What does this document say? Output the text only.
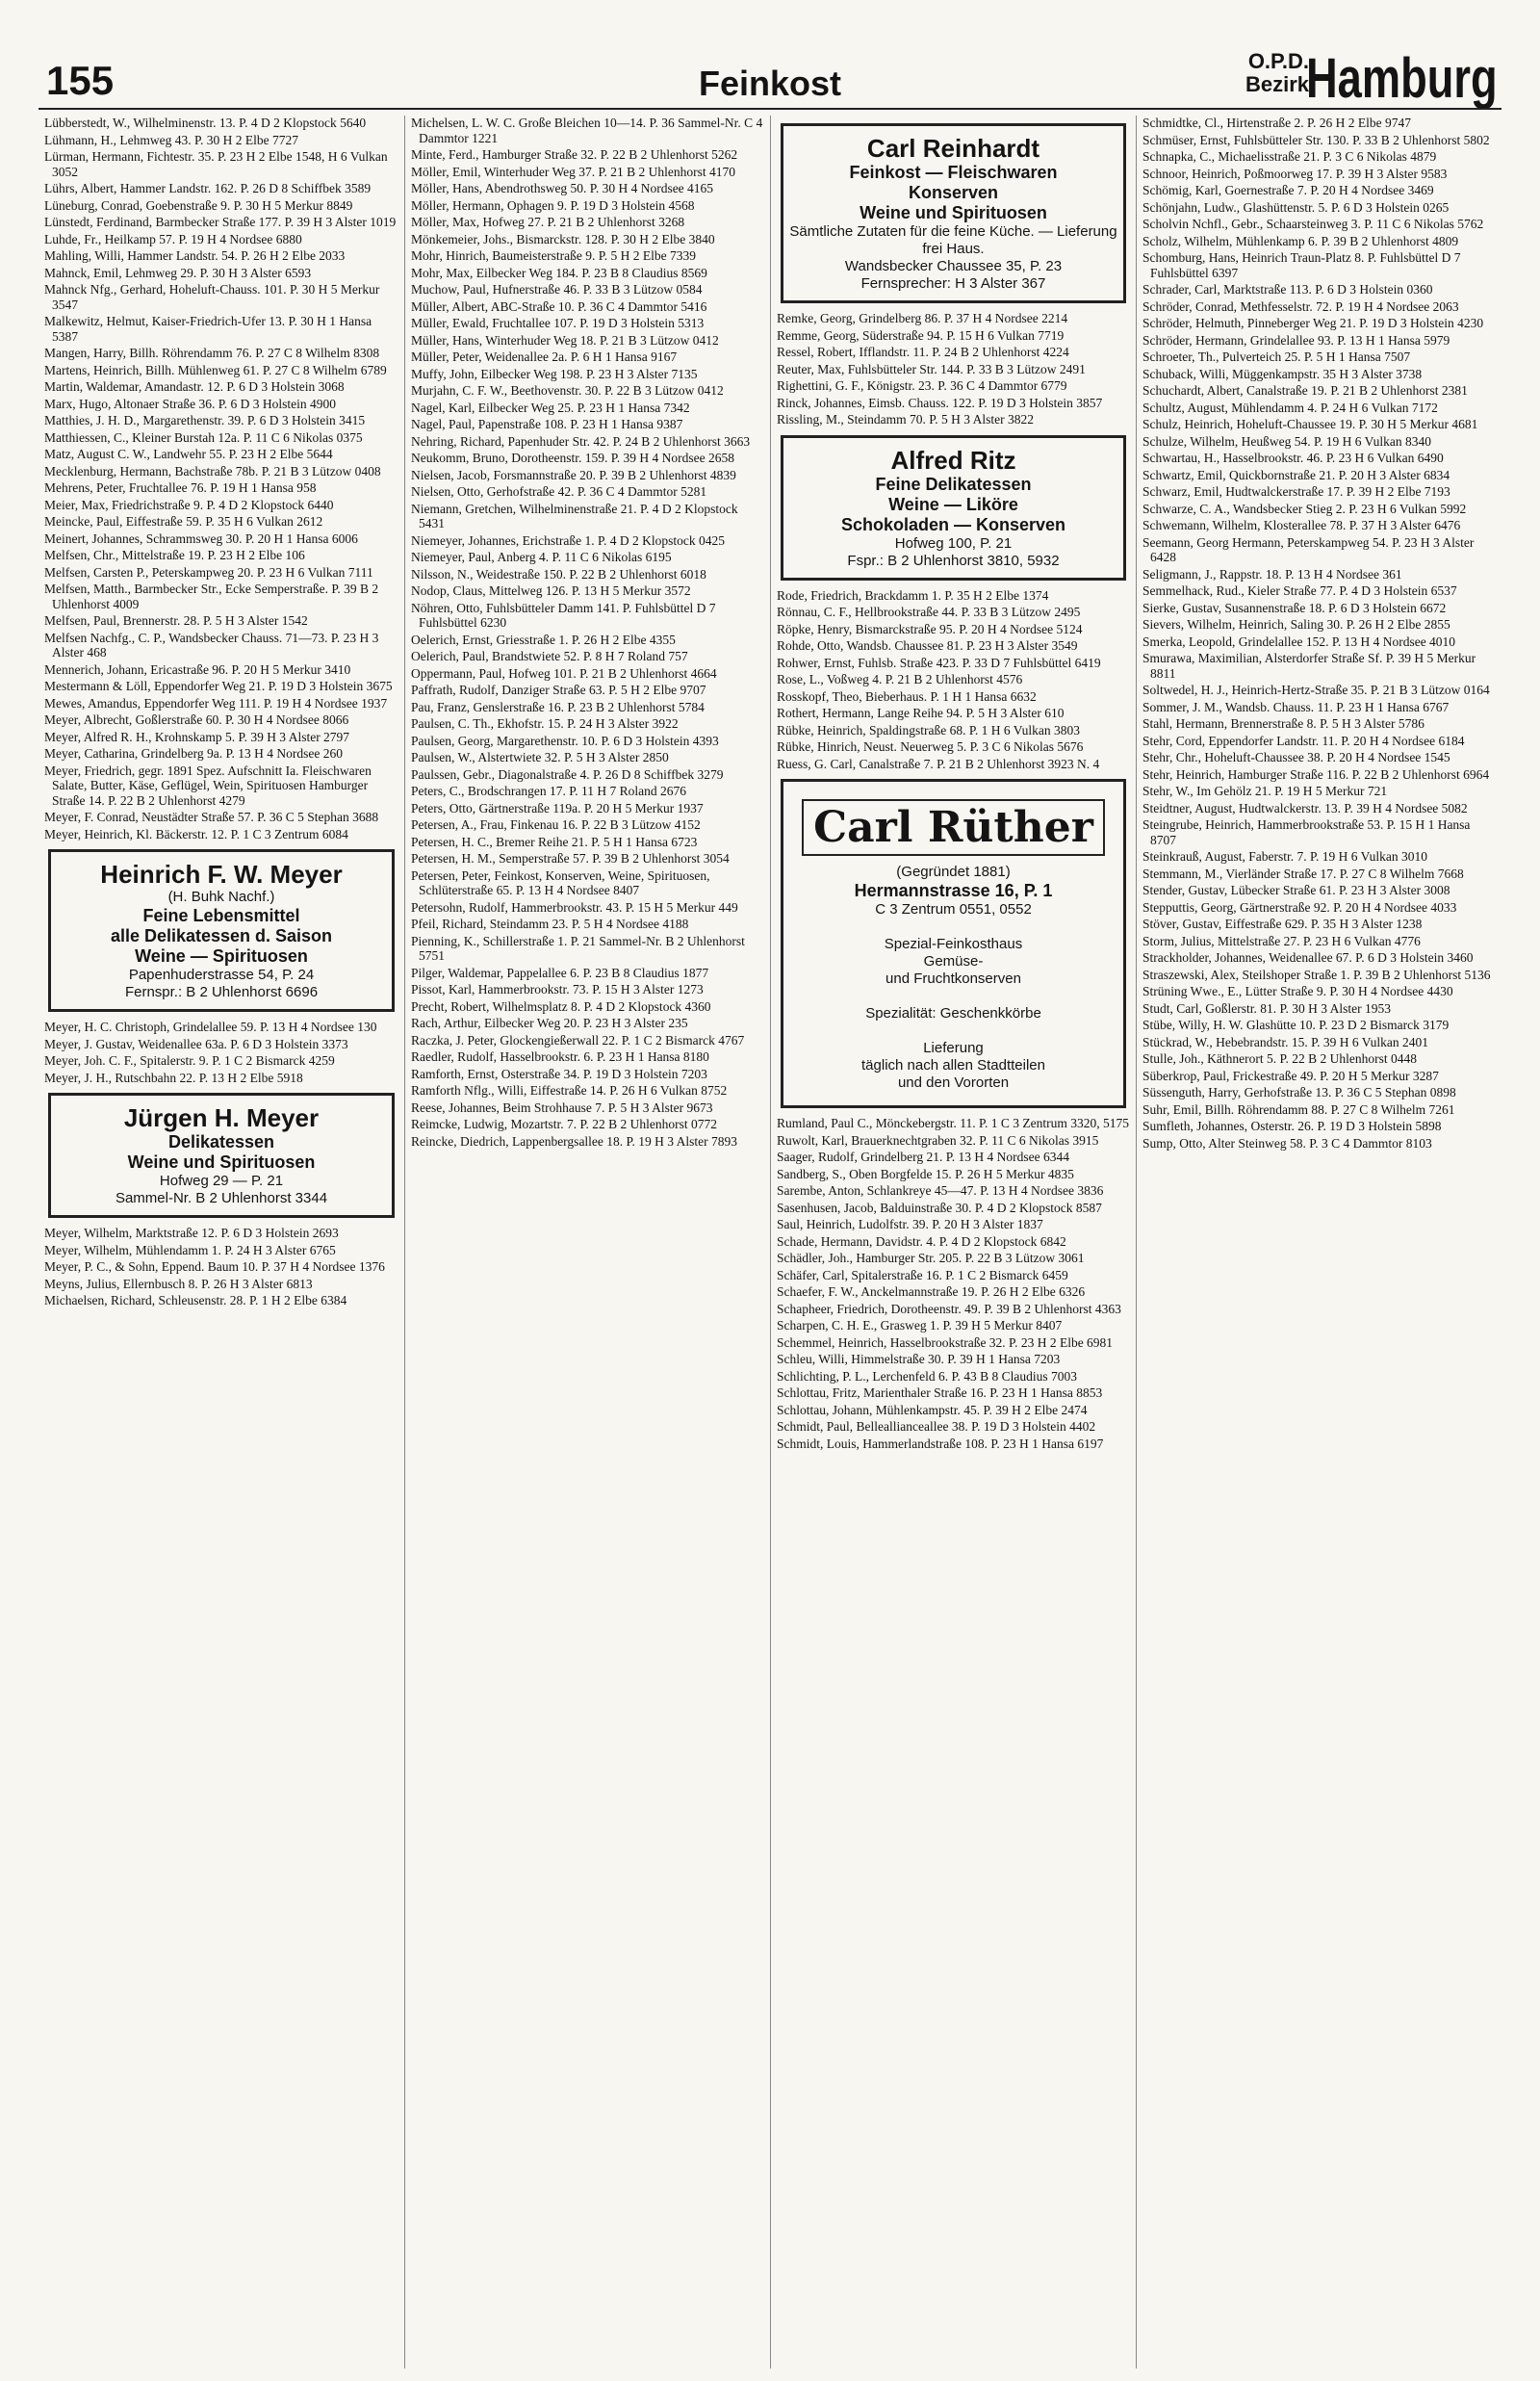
155	Feinkost
O.P.D.
Bezirk
Hamburg
Lübberstedt, W., Wilhelminenstr. 13. P. 4 D 2 Klopstock 5640
Lühmann, H., Lehmweg 43. P. 30 H 2 Elbe 7727
Lürman, Hermann, Fichtestr. 35. P. 23 H 2 Elbe 1548, H 6 Vulkan 3052
Lührs, Albert, Hammer Landstr. 162. P. 26 D 8 Schiffbek 3589
Lüneburg, Conrad, Goebenstraße 9. P. 30 H 5 Merkur 8849
Lünstedt, Ferdinand, Barmbecker Straße 177. P. 39 H 3 Alster 1019
Luhde, Fr., Heilkamp 57. P. 19 H 4 Nordsee 6880
Mahling, Willi, Hammer Landstr. 54. P. 26 H 2 Elbe 2033
Mahnck, Emil, Lehmweg 29. P. 30 H 3 Alster 6593
Mahnck Nfg., Gerhard, Hoheluft-Chauss. 101. P. 30 H 5 Merkur 3547
Malkewitz, Helmut, Kaiser-Friedrich-Ufer 13. P. 30 H 1 Hansa 5387
Mangen, Harry, Billh. Röhrendamm 76. P. 27 C 8 Wilhelm 8308
Martens, Heinrich, Billh. Mühlenweg 61. P. 27 C 8 Wilhelm 6789
Martin, Waldemar, Amandastr. 12. P. 6 D 3 Holstein 3068
Marx, Hugo, Altonaer Straße 36. P. 6 D 3 Holstein 4900
Matthies, J. H. D., Margarethenstr. 39. P. 6 D 3 Holstein 3415
Matthiessen, C., Kleiner Burstah 12a. P. 11 C 6 Nikolas 0375
Matz, August C. W., Landwehr 55. P. 23 H 2 Elbe 5644
Mecklenburg, Hermann, Bachstraße 78b. P. 21 B 3 Lützow 0408
Mehrens, Peter, Fruchtallee 76. P. 19 H 1 Hansa 958
Meier, Max, Friedrichstraße 9. P. 4 D 2 Klopstock 6440
Meincke, Paul, Eiffestraße 59. P. 35 H 6 Vulkan 2612
Meinert, Johannes, Schrammsweg 30. P. 20 H 1 Hansa 6006
Melfsen, Chr., Mittelstraße 19. P. 23 H 2 Elbe 106
Melfsen, Carsten P., Peterskampweg 20. P. 23 H 6 Vulkan 7111
Melfsen, Matth., Barmbecker Str., Ecke Semperstraße. P. 39 B 2 Uhlenhorst 4009
Melfsen, Paul, Brennerstr. 28. P. 5 H 3 Alster 1542
Melfsen Nachfg., C. P., Wandsbecker Chauss. 71—73. P. 23 H 3 Alster 468
Mennerich, Johann, Ericastraße 96. P. 20 H 5 Merkur 3410
Mestermann & Löll, Eppendorfer Weg 21. P. 19 D 3 Holstein 3675
Mewes, Amandus, Eppendorfer Weg 111. P. 19 H 4 Nordsee 1937
Meyer, Albrecht, Goßlerstraße 60. P. 30 H 4 Nordsee 8066
Meyer, Alfred R. H., Krohnskamp 5. P. 39 H 3 Alster 2797
Meyer, Catharina, Grindelberg 9a. P. 13 H 4 Nordsee 260
Meyer, Friedrich, gegr. 1891 Spez. Aufschnitt Ia. Fleischwaren Salate, Butter, Käse, Geflügel, Wein, Spirituosen Hamburger Straße 14. P. 22 B 2 Uhlenhorst 4279
Meyer, F. Conrad, Neustädter Straße 57. P. 36 C 5 Stephan 3688
Meyer, Heinrich, Kl. Bäckerstr. 12. P. 1 C 3 Zentrum 6084
Heinrich F. W. Meyer
(H. Buhk Nachf.)
Feine Lebensmittel
alle Delikatessen d. Saison
Weine — Spirituosen
Papenhuderstrasse 54, P. 24
Fernspr.: B 2 Uhlenhorst 6696
Meyer, H. C. Christoph, Grindelallee 59. P. 13 H 4 Nordsee 130
Meyer, J. Gustav, Weidenallee 63a. P. 6 D 3 Holstein 3373
Meyer, Joh. C. F., Spitalerstr. 9. P. 1 C 2 Bismarck 4259
Meyer, J. H., Rutschbahn 22. P. 13 H 2 Elbe 5918
Jürgen H. Meyer
Delikatessen
Weine und Spirituosen
Hofweg 29 — P. 21
Sammel-Nr. B 2 Uhlenhorst 3344
Meyer, Wilhelm, Marktstraße 12. P. 6 D 3 Holstein 2693
Meyer, Wilhelm, Mühlendamm 1. P. 24 H 3 Alster 6765
Meyer, P. C., & Sohn, Eppend. Baum 10. P. 37 H 4 Nordsee 1376
Meyns, Julius, Ellernbusch 8. P. 26 H 3 Alster 6813
Michaelsen, Richard, Schleusenstr. 28. P. 1 H 2 Elbe 6384
Michelsen, L. W. C. Große Bleichen 10—14. P. 36 Sammel-Nr. C 4 Dammtor 1221
Minte, Ferd., Hamburger Straße 32. P. 22 B 2 Uhlenhorst 5262
Möller, Emil, Winterhuder Weg 37. P. 21 B 2 Uhlenhorst 4170
Möller, Hans, Abendrothsweg 50. P. 30 H 4 Nordsee 4165
Möller, Hermann, Ophagen 9. P. 19 D 3 Holstein 4568
Möller, Max, Hofweg 27. P. 21 B 2 Uhlenhorst 3268
Mönkemeier, Johs., Bismarckstr. 128. P. 30 H 2 Elbe 3840
Mohr, Hinrich, Baumeisterstraße 9. P. 5 H 2 Elbe 7339
Mohr, Max, Eilbecker Weg 184. P. 23 B 8 Claudius 8569
Muchow, Paul, Hufnerstraße 46. P. 33 B 3 Lützow 0584
Müller, Albert, ABC-Straße 10. P. 36 C 4 Dammtor 5416
Müller, Ewald, Fruchtallee 107. P. 19 D 3 Holstein 5313
Müller, Hans, Winterhuder Weg 18. P. 21 B 3 Lützow 0412
Müller, Peter, Weidenallee 2a. P. 6 H 1 Hansa 9167
Muffy, John, Eilbecker Weg 198. P. 23 H 3 Alster 7135
Murjahn, C. F. W., Beethovenstr. 30. P. 22 B 3 Lützow 0412
Nagel, Karl, Eilbecker Weg 25. P. 23 H 1 Hansa 7342
Nagel, Paul, Papenstraße 108. P. 23 H 1 Hansa 9387
Nehring, Richard, Papenhuder Str. 42. P. 24 B 2 Uhlenhorst 3663
Neukomm, Bruno, Dorotheenstr. 159. P. 39 H 4 Nordsee 2658
Nielsen, Jacob, Forsmannstraße 20. P. 39 B 2 Uhlenhorst 4839
Nielsen, Otto, Gerhofstraße 42. P. 36 C 4 Dammtor 5281
Niemann, Gretchen, Wilhelminenstraße 21. P. 4 D 2 Klopstock 5431
Niemeyer, Johannes, Erichstraße 1. P. 4 D 2 Klopstock 0425
Niemeyer, Paul, Anberg 4. P. 11 C 6 Nikolas 6195
Nilsson, N., Weidestraße 150. P. 22 B 2 Uhlenhorst 6018
Nodop, Claus, Mittelweg 126. P. 13 H 5 Merkur 3572
Nöhren, Otto, Fuhlsbütteler Damm 141. P. Fuhlsbüttel D 7 Fuhlsbüttel 6230
Oelerich, Ernst, Griesstraße 1. P. 26 H 2 Elbe 4355
Oelerich, Paul, Brandstwiete 52. P. 8 H 7 Roland 757
Oppermann, Paul, Hofweg 101. P. 21 B 2 Uhlenhorst 4664
Paffrath, Rudolf, Danziger Straße 63. P. 5 H 2 Elbe 9707
Pau, Franz, Genslerstraße 16. P. 23 B 2 Uhlenhorst 5784
Paulsen, C. Th., Ekhofstr. 15. P. 24 H 3 Alster 3922
Paulsen, Georg, Margarethenstr. 10. P. 6 D 3 Holstein 4393
Paulsen, W., Alstertwiete 32. P. 5 H 3 Alster 2850
Paulssen, Gebr., Diagonalstraße 4. P. 26 D 8 Schiffbek 3279
Peters, C., Brodschrangen 17. P. 11 H 7 Roland 2676
Peters, Otto, Gärtnerstraße 119a. P. 20 H 5 Merkur 1937
Petersen, A., Frau, Finkenau 16. P. 22 B 3 Lützow 4152
Petersen, H. C., Bremer Reihe 21. P. 5 H 1 Hansa 6723
Petersen, H. M., Semperstraße 57. P. 39 B 2 Uhlenhorst 3054
Petersen, Peter, Feinkost, Konserven, Weine, Spirituosen, Schlüterstraße 65. P. 13 H 4 Nordsee 8407
Petersohn, Rudolf, Hammerbrookstr. 43. P. 15 H 5 Merkur 449
Pfeil, Richard, Steindamm 23. P. 5 H 4 Nordsee 4188
Pienning, K., Schillerstraße 1. P. 21 Sammel-Nr. B 2 Uhlenhorst 5751
Pilger, Waldemar, Pappelallee 6. P. 23 B 8 Claudius 1877
Pissot, Karl, Hammerbrookstr. 73. P. 15 H 3 Alster 1273
Precht, Robert, Wilhelmsplatz 8. P. 4 D 2 Klopstock 4360
Rach, Arthur, Eilbecker Weg 20. P. 23 H 3 Alster 235
Raczka, J. Peter, Glockengießerwall 22. P. 1 C 2 Bismarck 4767
Raedler, Rudolf, Hasselbrookstr. 6. P. 23 H 1 Hansa 8180
Ramforth, Ernst, Osterstraße 34. P. 19 D 3 Holstein 7203
Ramforth Nflg., Willi, Eiffestraße 14. P. 26 H 6 Vulkan 8752
Reese, Johannes, Beim Strohhause 7. P. 5 H 3 Alster 9673
Reimcke, Ludwig, Mozartstr. 7. P. 22 B 2 Uhlenhorst 0772
Reincke, Diedrich, Lappenbergsallee 18. P. 19 H 3 Alster 7893
Carl Reinhardt
Feinkost — Fleischwaren
Konserven
Weine und Spirituosen
Sämtliche Zutaten für die feine Küche. — Lieferung frei Haus.
Wandsbecker Chaussee 35, P. 23
Fernsprecher: H 3 Alster 367
Remke, Georg, Grindelberg 86. P. 37 H 4 Nordsee 2214
Remme, Georg, Süderstraße 94. P. 15 H 6 Vulkan 7719
Ressel, Robert, Ifflandstr. 11. P. 24 B 2 Uhlenhorst 4224
Reuter, Max, Fuhlsbütteler Str. 144. P. 33 B 3 Lützow 2491
Righettini, G. F., Königstr. 23. P. 36 C 4 Dammtor 6779
Rinck, Johannes, Eimsb. Chauss. 122. P. 19 D 3 Holstein 3857
Rissling, M., Steindamm 70. P. 5 H 3 Alster 3822
Alfred Ritz
Feine Delikatessen
Weine — Liköre
Schokoladen — Konserven
Hofweg 100, P. 21
Fspr.: B 2 Uhlenhorst 3810, 5932
Rode, Friedrich, Brackdamm 1. P. 35 H 2 Elbe 1374
Rönnau, C. F., Hellbrookstraße 44. P. 33 B 3 Lützow 2495
Röpke, Henry, Bismarckstraße 95. P. 20 H 4 Nordsee 5124
Rohde, Otto, Wandsb. Chaussee 81. P. 23 H 3 Alster 3549
Rohwer, Ernst, Fuhlsb. Straße 423. P. 33 D 7 Fuhlsbüttel 6419
Rose, L., Voßweg 4. P. 21 B 2 Uhlenhorst 4576
Rosskopf, Theo, Bieberhaus. P. 1 H 1 Hansa 6632
Rothert, Hermann, Lange Reihe 94. P. 5 H 3 Alster 610
Rübke, Heinrich, Spaldingstraße 68. P. 1 H 6 Vulkan 3803
Rübke, Hinrich, Neust. Neuerweg 5. P. 3 C 6 Nikolas 5676
Ruess, G. Carl, Canalstraße 7. P. 21 B 2 Uhlenhorst 3923 N. 4
Carl Rüther
(Gegründet 1881)
Hermannstrasse 16, P. 1
C 3 Zentrum 0551, 0552

Spezial-Feinkosthaus
Gemüse-
und Fruchtkonserven

Spezialität: Geschenkkörbe

Lieferung
täglich nach allen Stadtteilen
und den Vororten
Rumland, Paul C., Mönckebergstr. 11. P. 1 C 3 Zentrum 3320, 5175
Ruwolt, Karl, Brauerknechtgraben 32. P. 11 C 6 Nikolas 3915
Saager, Rudolf, Grindelberg 21. P. 13 H 4 Nordsee 6344
Sandberg, S., Oben Borgfelde 15. P. 26 H 5 Merkur 4835
Sarembe, Anton, Schlankreye 45—47. P. 13 H 4 Nordsee 3836
Sasenhusen, Jacob, Balduinstraße 30. P. 4 D 2 Klopstock 8587
Saul, Heinrich, Ludolfstr. 39. P. 20 H 3 Alster 1837
Schade, Hermann, Davidstr. 4. P. 4 D 2 Klopstock 6842
Schädler, Joh., Hamburger Str. 205. P. 22 B 3 Lützow 3061
Schäfer, Carl, Spitalerstraße 16. P. 1 C 2 Bismarck 6459
Schaefer, F. W., Anckelmannstraße 19. P. 26 H 2 Elbe 6326
Schapheer, Friedrich, Dorotheenstr. 49. P. 39 B 2 Uhlenhorst 4363
Scharpen, C. H. E., Grasweg 1. P. 39 H 5 Merkur 8407
Schemmel, Heinrich, Hasselbrookstraße 32. P. 23 H 2 Elbe 6981
Schleu, Willi, Himmelstraße 30. P. 39 H 1 Hansa 7203
Schlichting, P. L., Lerchenfeld 6. P. 43 B 8 Claudius 7003
Schlottau, Fritz, Marienthaler Straße 16. P. 23 H 1 Hansa 8853
Schlottau, Johann, Mühlenkampstr. 45. P. 39 H 2 Elbe 2474
Schmidt, Paul, Belleallianceallee 38. P. 19 D 3 Holstein 4402
Schmidt, Louis, Hammerlandstraße 108. P. 23 H 1 Hansa 6197
Schmidtke, Cl., Hirtenstraße 2. P. 26 H 2 Elbe 9747
Schmüser, Ernst, Fuhlsbütteler Str. 130. P. 33 B 2 Uhlenhorst 5802
Schnapka, C., Michaelisstraße 21. P. 3 C 6 Nikolas 4879
Schnoor, Heinrich, Poßmoorweg 17. P. 39 H 3 Alster 9583
Schömig, Karl, Goernestraße 7. P. 20 H 4 Nordsee 3469
Schönjahn, Ludw., Glashüttenstr. 5. P. 6 D 3 Holstein 0265
Scholvin Nchfl., Gebr., Schaarsteinweg 3. P. 11 C 6 Nikolas 5762
Scholz, Wilhelm, Mühlenkamp 6. P. 39 B 2 Uhlenhorst 4809
Schomburg, Hans, Heinrich Traun-Platz 8. P. Fuhlsbüttel D 7 Fuhlsbüttel 6397
Schrader, Carl, Marktstraße 113. P. 6 D 3 Holstein 0360
Schröder, Conrad, Methfesselstr. 72. P. 19 H 4 Nordsee 2063
Schröder, Helmuth, Pinneberger Weg 21. P. 19 D 3 Holstein 4230
Schröder, Hermann, Grindelallee 93. P. 13 H 1 Hansa 5979
Schroeter, Th., Pulverteich 25. P. 5 H 1 Hansa 7507
Schuback, Willi, Müggenkampstr. 35 H 3 Alster 3738
Schuchardt, Albert, Canalstraße 19. P. 21 B 2 Uhlenhorst 2381
Schultz, August, Mühlendamm 4. P. 24 H 6 Vulkan 7172
Schulz, Heinrich, Hoheluft-Chaussee 19. P. 30 H 5 Merkur 4681
Schulze, Wilhelm, Heußweg 54. P. 19 H 6 Vulkan 8340
Schwartau, H., Hasselbrookstr. 46. P. 23 H 6 Vulkan 6490
Schwartz, Emil, Quickbornstraße 21. P. 20 H 3 Alster 6834
Schwarz, Emil, Hudtwalckerstraße 17. P. 39 H 2 Elbe 7193
Schwarze, C. A., Wandsbecker Stieg 2. P. 23 H 6 Vulkan 5992
Schwemann, Wilhelm, Klosterallee 78. P. 37 H 3 Alster 6476
Seemann, Georg Hermann, Peterskampweg 54. P. 23 H 3 Alster 6428
Seligmann, J., Rappstr. 18. P. 13 H 4 Nordsee 361
Semmelhack, Rud., Kieler Straße 77. P. 4 D 3 Holstein 6537
Sierke, Gustav, Susannenstraße 18. P. 6 D 3 Holstein 6672
Sievers, Wilhelm, Heinrich, Saling 30. P. 26 H 2 Elbe 2855
Smerka, Leopold, Grindelallee 152. P. 13 H 4 Nordsee 4010
Smurawa, Maximilian, Alsterdorfer Straße Sf. P. 39 H 5 Merkur 8811
Soltwedel, H. J., Heinrich-Hertz-Straße 35. P. 21 B 3 Lützow 0164
Sommer, J. M., Wandsb. Chauss. 11. P. 23 H 1 Hansa 6767
Stahl, Hermann, Brennerstraße 8. P. 5 H 3 Alster 5786
Stehr, Cord, Eppendorfer Landstr. 11. P. 20 H 4 Nordsee 6184
Stehr, Chr., Hoheluft-Chaussee 38. P. 20 H 4 Nordsee 1545
Stehr, Heinrich, Hamburger Straße 116. P. 22 B 2 Uhlenhorst 6964
Stehr, W., Im Gehölz 21. P. 19 H 5 Merkur 721
Steidtner, August, Hudtwalckerstr. 13. P. 39 H 4 Nordsee 5082
Steingrube, Heinrich, Hammerbrookstraße 53. P. 15 H 1 Hansa 8707
Steinkrauß, August, Faberstr. 7. P. 19 H 6 Vulkan 3010
Stemmann, M., Vierländer Straße 17. P. 27 C 8 Wilhelm 7668
Stender, Gustav, Lübecker Straße 61. P. 23 H 3 Alster 3008
Stepputtis, Georg, Gärtnerstraße 92. P. 20 H 4 Nordsee 4033
Stöver, Gustav, Eiffestraße 629. P. 35 H 3 Alster 1238
Storm, Julius, Mittelstraße 27. P. 23 H 6 Vulkan 4776
Strackholder, Johannes, Weidenallee 67. P. 6 D 3 Holstein 3460
Straszewski, Alex, Steilshoper Straße 1. P. 39 B 2 Uhlenhorst 5136
Strüning Wwe., E., Lütter Straße 9. P. 30 H 4 Nordsee 4430
Studt, Carl, Goßlerstr. 81. P. 30 H 3 Alster 1953
Stübe, Willy, H. W. Glashütte 10. P. 23 D 2 Bismarck 3179
Stückrad, W., Hebebrandstr. 15. P. 39 H 6 Vulkan 2401
Stulle, Joh., Käthnerort 5. P. 22 B 2 Uhlenhorst 0448
Süberkrop, Paul, Frickestraße 49. P. 20 H 5 Merkur 3287
Süssenguth, Harry, Gerhofstraße 13. P. 36 C 5 Stephan 0898
Suhr, Emil, Billh. Röhrendamm 88. P. 27 C 8 Wilhelm 7261
Sumfleth, Johannes, Osterstr. 26. P. 19 D 3 Holstein 5898
Sump, Otto, Alter Steinweg 58. P. 3 C 4 Dammtor 8103
